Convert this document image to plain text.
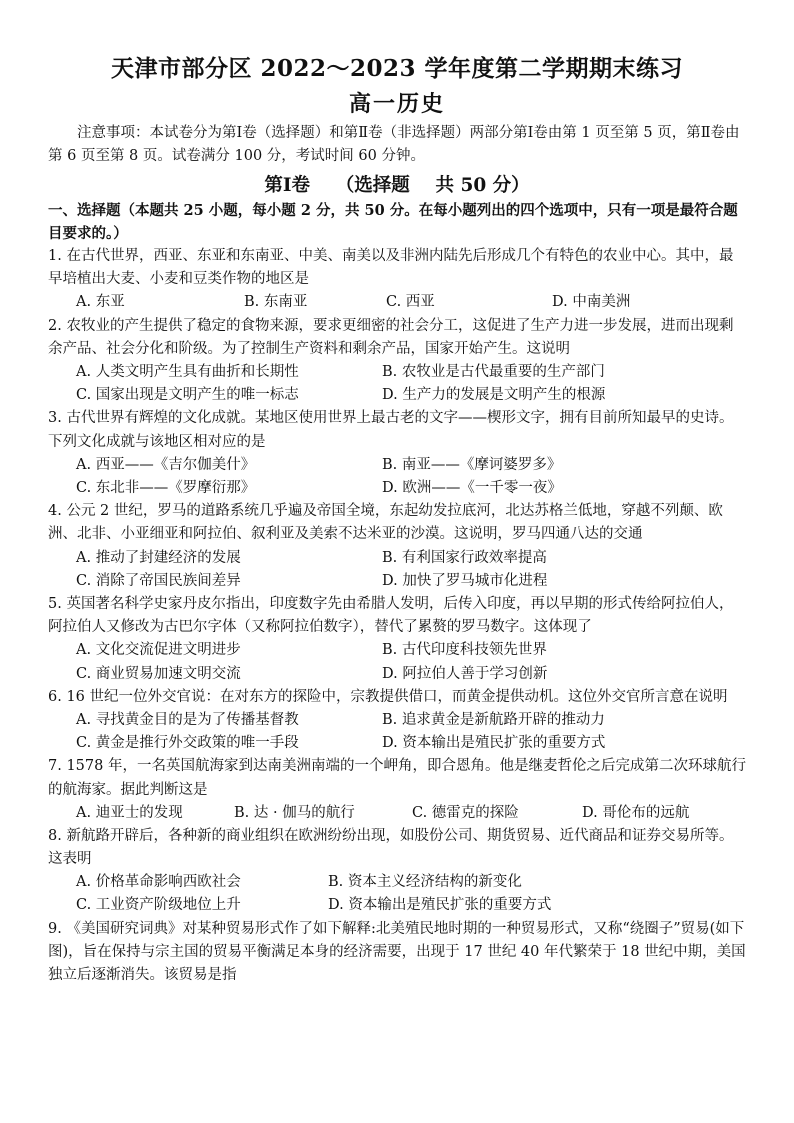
天津市部分区 2022～2023 学年度第二学期期末练习
高一历史
注意事项：本试卷分为第Ⅰ卷（选择题）和第Ⅱ卷（非选择题）两部分第Ⅰ卷由第 1 页至第 5 页，第Ⅱ卷由第 6 页至第 8 页。试卷满分 100 分，考试时间 60 分钟。
第Ⅰ卷    （选择题    共 50 分）
一、选择题（本题共 25 小题，每小题 2 分，共 50 分。在每小题列出的四个选项中，只有一项是最符合题目要求的。）

1. 在古代世界，西亚、东亚和东南亚、中美、南美以及非洲内陆先后形成几个有特色的农业中心。其中，最早培植出大麦、小麦和豆类作物的地区是

A. 东亚	B. 东南亚	C. 西亚	D. 中南美洲

2. 农牧业的产生提供了稳定的食物来源，要求更细密的社会分工，这促进了生产力进一步发展，进而出现剩余产品、社会分化和阶级。为了控制生产资料和剩余产品，国家开始产生。这说明

A. 人类文明产生具有曲折和长期性	B. 农牧业是古代最重要的生产部门
C. 国家出现是文明产生的唯一标志	D. 生产力的发展是文明产生的根源

3. 古代世界有辉煌的文化成就。某地区使用世界上最古老的文字——楔形文字，拥有目前所知最早的史诗。下列文化成就与该地区相对应的是

A. 西亚——《吉尔伽美什》	B. 南亚——《摩诃婆罗多》
C. 东北非——《罗摩衍那》	D. 欧洲——《一千零一夜》

4. 公元 2 世纪，罗马的道路系统几乎遍及帝国全境，东起幼发拉底河，北达苏格兰低地，穿越不列颠、欧洲、北非、小亚细亚和阿拉伯、叙利亚及美索不达米亚的沙漠。这说明，罗马四通八达的交通

A. 推动了封建经济的发展	B. 有利国家行政效率提高
C. 消除了帝国民族间差异	D. 加快了罗马城市化进程

5. 英国著名科学史家丹皮尔指出，印度数字先由希腊人发明，后传入印度，再以早期的形式传给阿拉伯人，阿拉伯人又修改为古巴尔字体（又称阿拉伯数字），替代了累赘的罗马数字。这体现了

A. 文化交流促进文明进步	B. 古代印度科技领先世界
C. 商业贸易加速文明交流	D. 阿拉伯人善于学习创新

6. 16 世纪一位外交官说：在对东方的探险中，宗教提供借口，而黄金提供动机。这位外交官所言意在说明

A. 寻找黄金目的是为了传播基督教	B. 追求黄金是新航路开辟的推动力
C. 黄金是推行外交政策的唯一手段	D. 资本输出是殖民扩张的重要方式

7. 1578 年，一名英国航海家到达南美洲南端的一个岬角，即合恩角。他是继麦哲伦之后完成第二次环球航行的航海家。据此判断这是

A. 迪亚士的发现	B. 达 · 伽马的航行	C. 德雷克的探险	D. 哥伦布的远航

8. 新航路开辟后，各种新的商业组织在欧洲纷纷出现，如股份公司、期货贸易、近代商品和证券交易所等。这表明

A. 价格革命影响西欧社会	B. 资本主义经济结构的新变化
C. 工业资产阶级地位上升	D. 资本输出是殖民扩张的重要方式

9. 《美国研究词典》对某种贸易形式作了如下解释:北美殖民地时期的一种贸易形式，又称“绕圈子”贸易(如下图)，旨在保持与宗主国的贸易平衡满足本身的经济需要，出现于 17 世纪 40 年代繁荣于 18 世纪中期，美国独立后逐渐消失。该贸易是指
